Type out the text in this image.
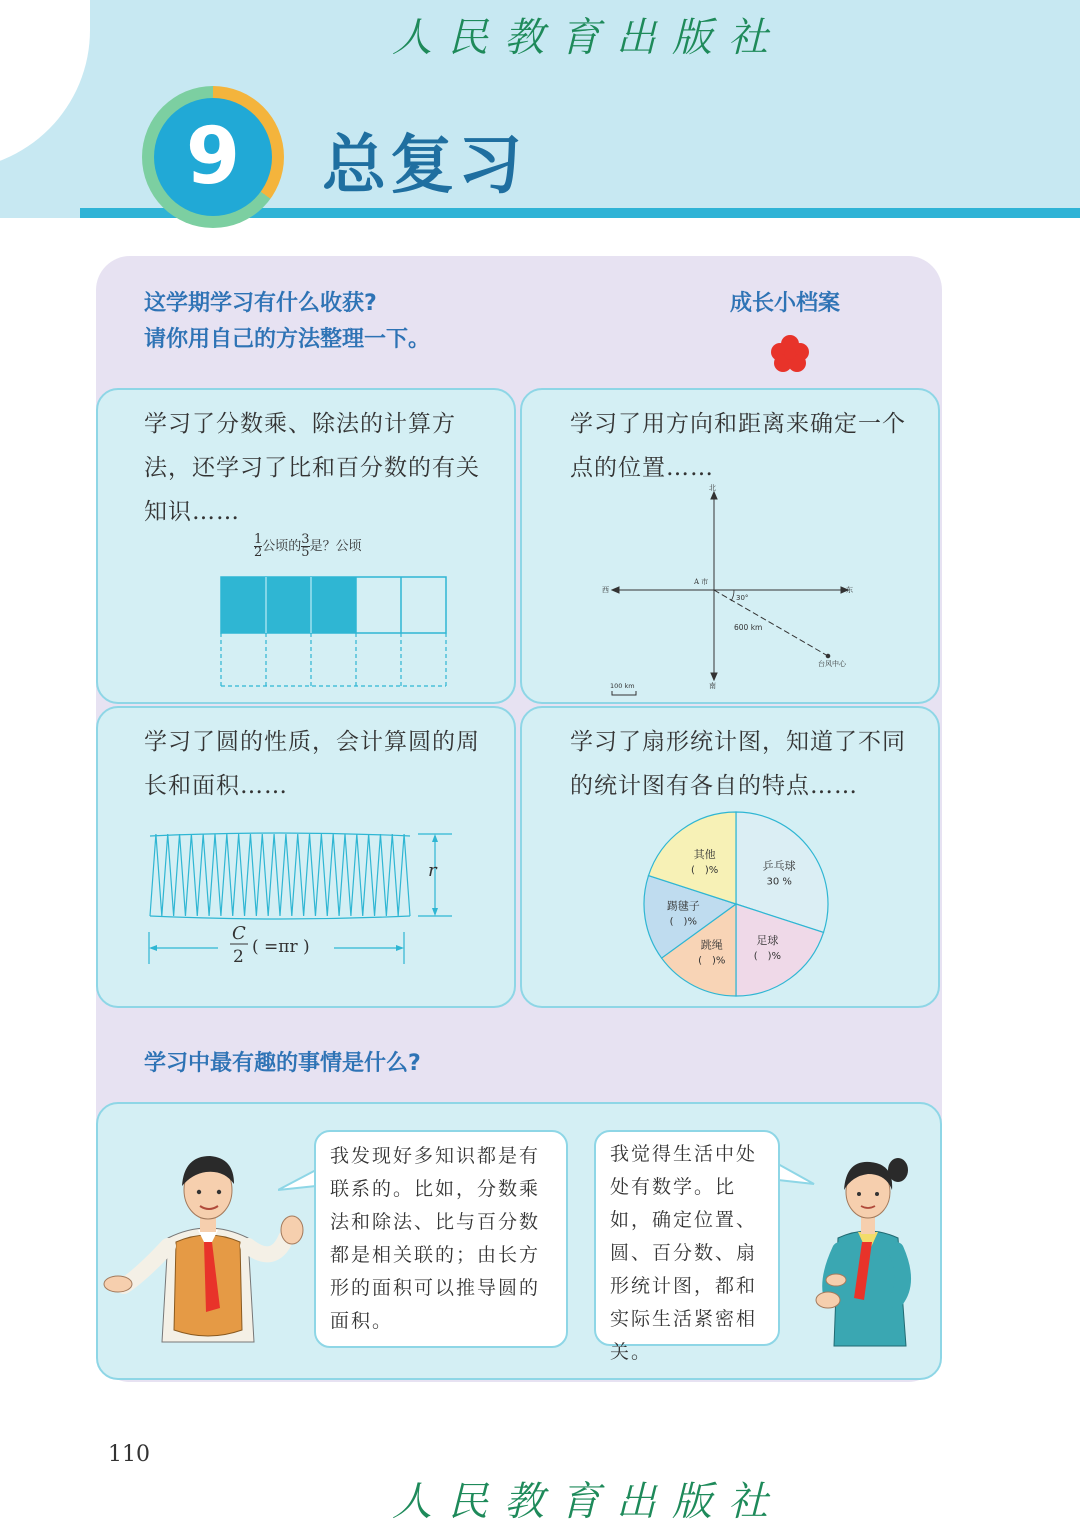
人民教育出版社
9	总复习
这学期学习有什么收获?
请你用自己的方法整理一下。
成长小档案
学习了分数乘、除法的计算方法，还学习了比和百分数的有关知识……
$\frac{1}{2}$ 公顷的 $\frac{3}{5}$ 是？公顷
学习了用方向和距离来确定一个点的位置……
北
南
东
西
A 市
30°
600 km
台风中心
100 km
学习了圆的性质，会计算圆的周长和面积……
r
C
2 ( =πr )
学习了扇形统计图，知道了不同的统计图有各自的特点……
乒乓球
30 %
足球
(　)%
跳绳
(　)%
踢毽子
(　)%
其他
(　)%
学习中最有趣的事情是什么?
我发现好多知识都是有联系的。比如，分数乘法和除法、比与百分数都是相关联的；由长方形的面积可以推导圆的面积。
我觉得生活中处处有数学。比如，确定位置、圆、百分数、扇形统计图，都和实际生活紧密相关。
110
人民教育出版社
